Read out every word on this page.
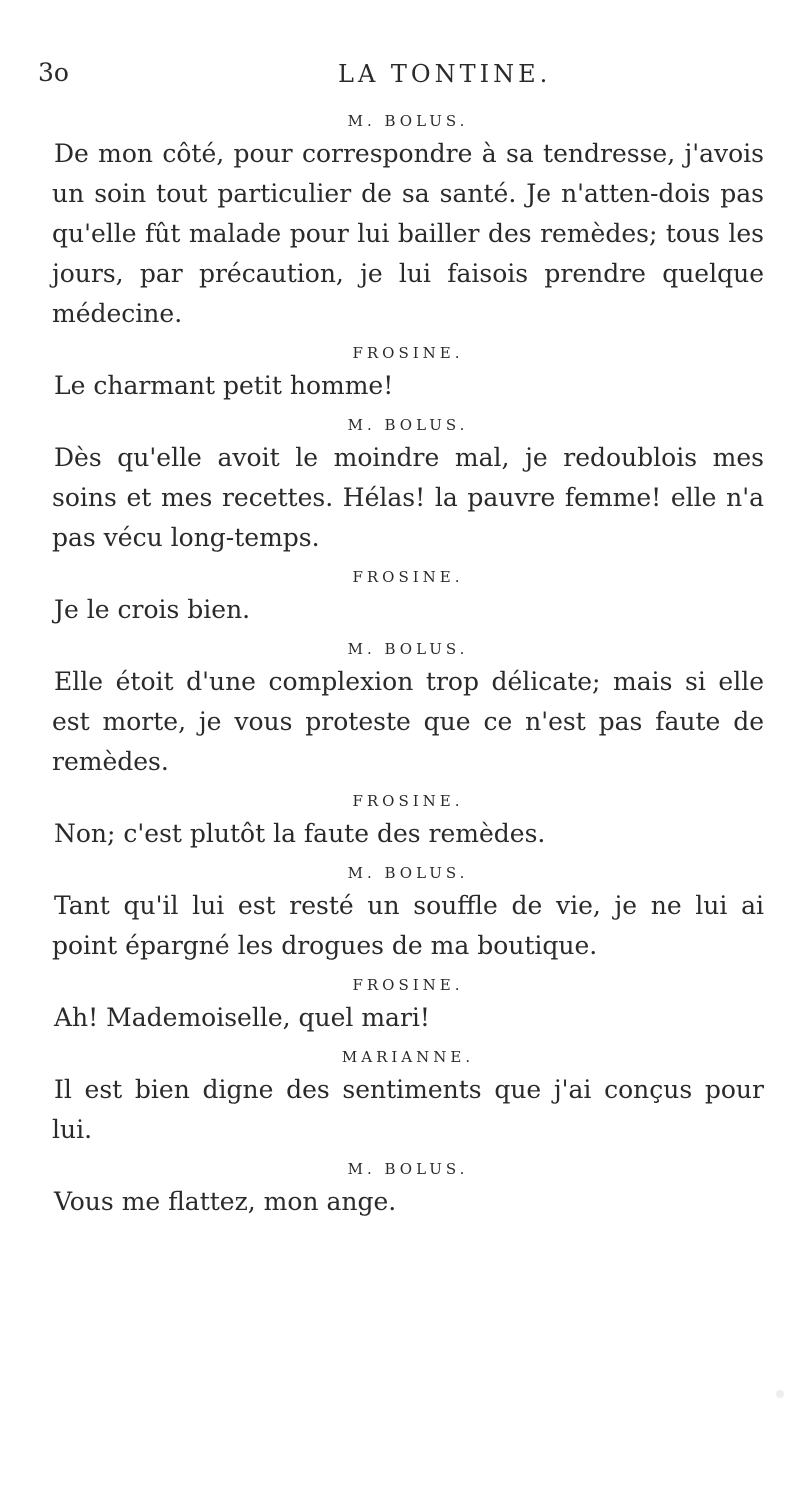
3o	LA TONTINE.
M. BOLUS.

De mon côté, pour correspondre à sa tendresse, j'avois un soin tout particulier de sa santé. Je n'atten-dois pas qu'elle fût malade pour lui bailler des remèdes; tous les jours, par précaution, je lui faisois prendre quelque médecine.

FROSINE.

Le charmant petit homme!

M. BOLUS.

Dès qu'elle avoit le moindre mal, je redoublois mes soins et mes recettes. Hélas! la pauvre femme! elle n'a pas vécu long-temps.

FROSINE.

Je le crois bien.

M. BOLUS.

Elle étoit d'une complexion trop délicate; mais si elle est morte, je vous proteste que ce n'est pas faute de remèdes.

FROSINE.

Non; c'est plutôt la faute des remèdes.

M. BOLUS.

Tant qu'il lui est resté un souffle de vie, je ne lui ai point épargné les drogues de ma boutique.

FROSINE.

Ah! Mademoiselle, quel mari!

MARIANNE.

Il est bien digne des sentiments que j'ai conçus pour lui.

M. BOLUS.

Vous me flattez, mon ange.
